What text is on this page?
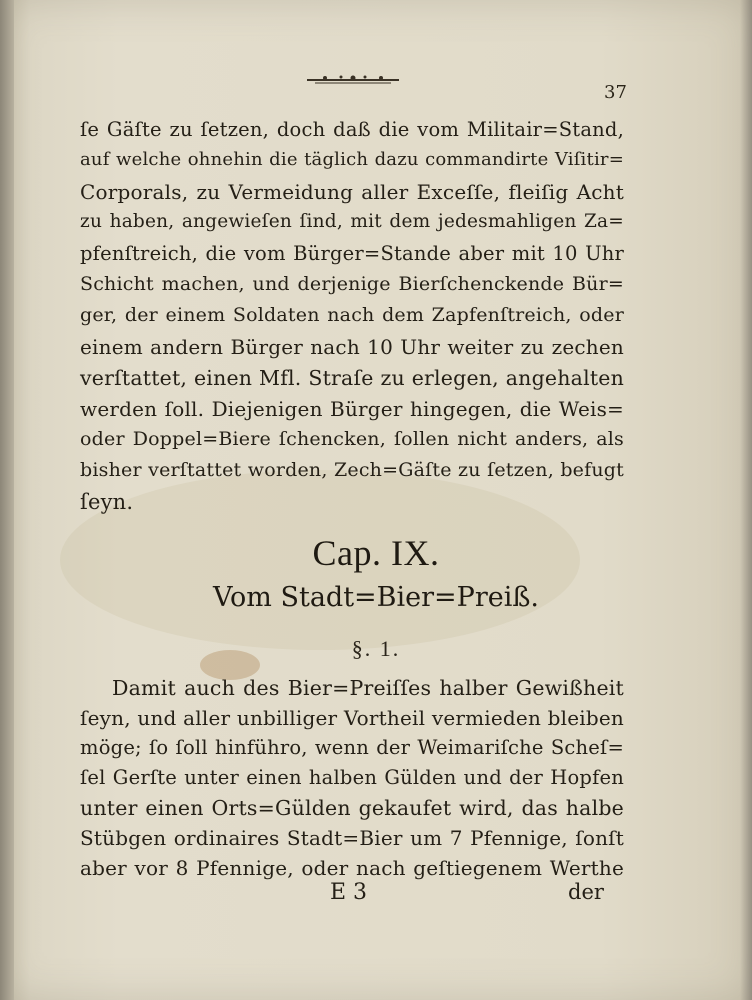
37
ſe Gäſte zu ſetzen, doch daß die vom Militair=Stand,
auf welche ohnehin die täglich dazu commandirte Viſitir=
Corporals, zu Vermeidung aller Exceſſe, fleiſig Acht
zu haben, angewieſen ſind, mit dem jedesmahligen Za=
pfenſtreich, die vom Bürger=Stande aber mit 10 Uhr
Schicht machen, und derjenige Bierſchenckende Bür=
ger, der einem Soldaten nach dem Zapfenſtreich, oder
einem andern Bürger nach 10 Uhr weiter zu zechen
verſtattet, einen Mfl. Straſe zu erlegen, angehalten
werden ſoll. Diejenigen Bürger hingegen, die Weis=
oder Doppel=Biere ſchencken, ſollen nicht anders, als
bisher verſtattet worden, Zech=Gäſte zu ſetzen, befugt
ſeyn.
Cap. IX.
Vom Stadt=Bier=Preiß.
§. 1.
Damit auch des Bier=Preiſſes halber Gewißheit
ſeyn, und aller unbilliger Vortheil vermieden bleiben
möge; ſo ſoll hinführo, wenn der Weimariſche Scheſ=
ſel Gerſte unter einen halben Gülden und der Hopfen
unter einen Orts=Gülden gekaufet wird, das halbe
Stübgen ordinaires Stadt=Bier um 7 Pfennige, ſonſt
aber vor 8 Pfennige, oder nach geſtiegenem Werthe
E 3	der
